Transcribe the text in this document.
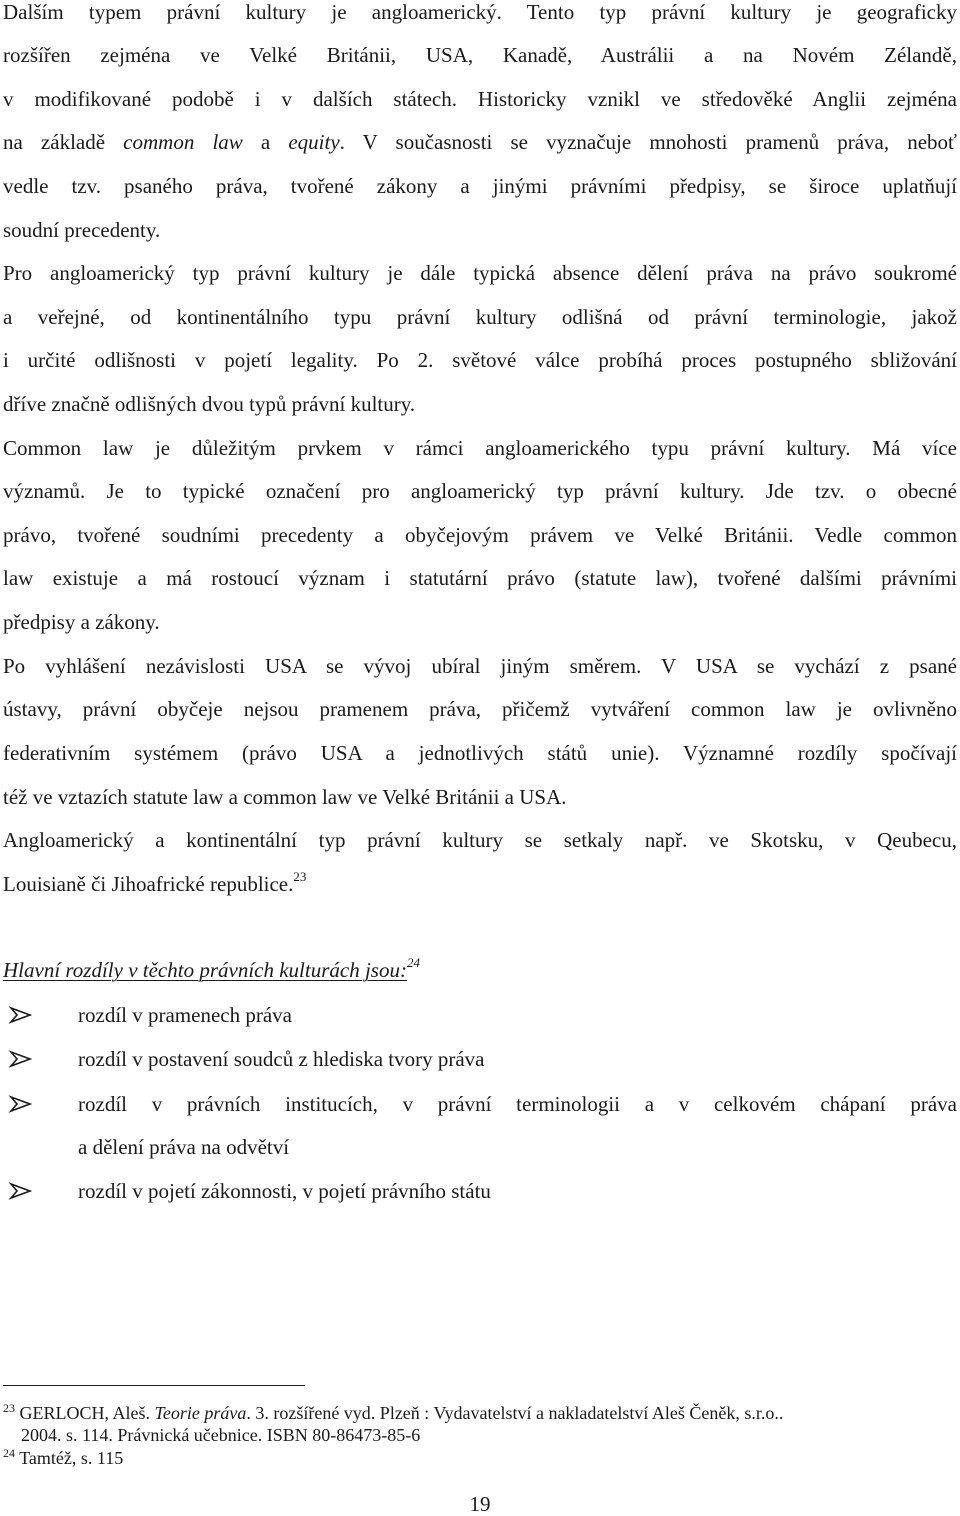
Dalším typem právní kultury je angloamerický. Tento typ právní kultury je geograficky
rozšířen zejména ve Velké Británii, USA, Kanadě, Austrálii a na Novém Zélandě,
v modifikované podobě i v dalších státech. Historicky vznikl ve středověké Anglii zejména
na základě common law a equity. V současnosti se vyznačuje mnohosti pramenů práva, neboť
vedle tzv. psaného práva, tvořené zákony a jinými právními předpisy, se široce uplatňují
soudní precedenty.
Pro angloamerický typ právní kultury je dále typická absence dělení práva na právo soukromé
a veřejné, od kontinentálního typu právní kultury odlišná od právní terminologie, jakož
i určité odlišnosti v pojetí legality. Po 2. světové válce probíhá proces postupného sbližování
dříve značně odlišných dvou typů právní kultury.
Common law je důležitým prvkem v rámci angloamerického typu právní kultury. Má více
významů. Je to typické označení pro angloamerický typ právní kultury. Jde tzv. o obecné
právo, tvořené soudními precedenty a obyčejovým právem ve Velké Británii. Vedle common
law existuje a má rostoucí význam i statutární právo (statute law), tvořené dalšími právními
předpisy a zákony.
Po vyhlášení nezávislosti USA se vývoj ubíral jiným směrem. V USA se vychází z psané
ústavy, právní obyčeje nejsou pramenem práva, přičemž vytváření common law je ovlivněno
federativním systémem (právo USA a jednotlivých států unie). Významné rozdíly spočívají
též ve vztazích statute law a common law ve Velké Británii a USA.
Angloamerický a kontinentální typ právní kultury se setkaly např. ve Skotsku, v Qeubecu,
Louisianě či Jihoafrické republice.$^{23}$
Hlavní rozdíly v těchto právních kulturách jsou:$^{24}$
rozdíl v pramenech práva
rozdíl v postavení soudců z hlediska tvory práva
rozdíl v právních institucích, v právní terminologii a v celkovém chápaní práva
a dělení práva na odvětví
rozdíl v pojetí zákonnosti, v pojetí právního státu
$^{23}$ GERLOCH, Aleš. Teorie práva. 3. rozšířené vyd. Plzeň : Vydavatelství a nakladatelství Aleš Čeněk, s.r.o..
2004. s. 114. Právnická učebnice. ISBN 80-86473-85-6
$^{24}$ Tamtéž, s. 115
19
